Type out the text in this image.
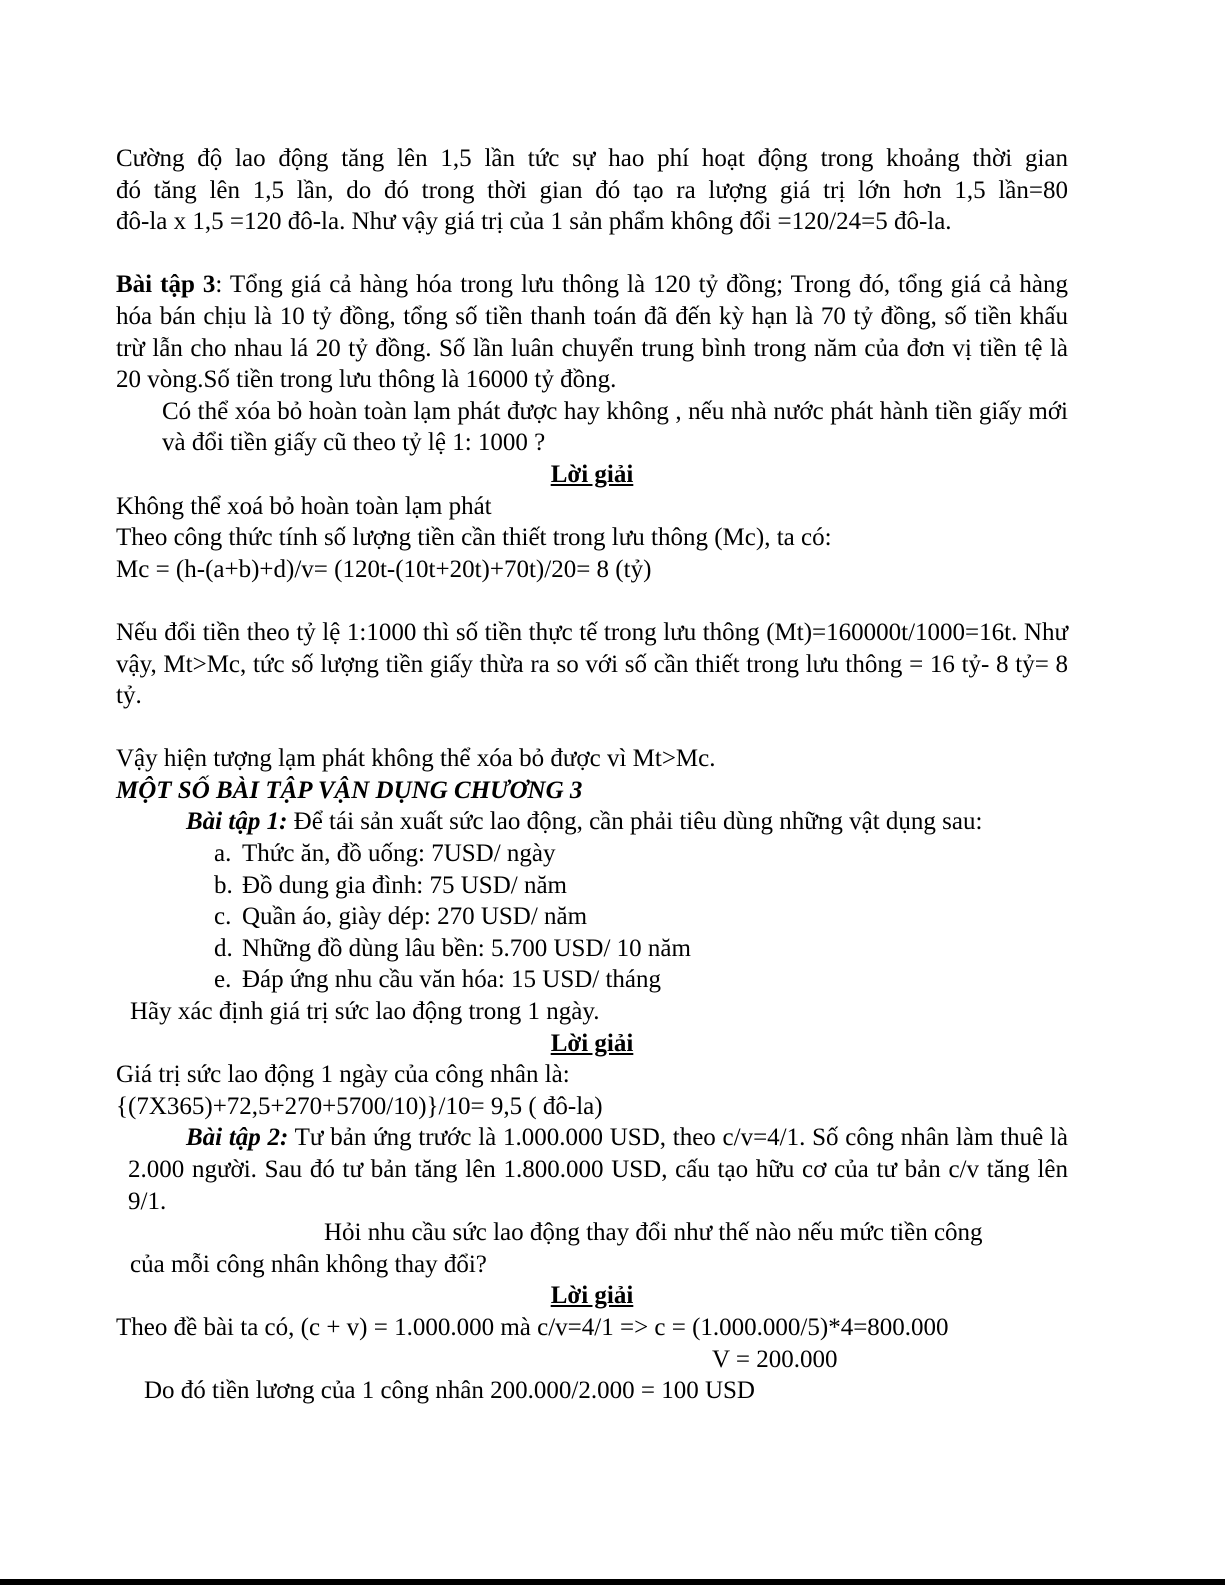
Cường độ lao động tăng lên 1,5 lần tức sự hao phí hoạt động trong khoảng thời gian

đó tăng lên 1,5 lần, do đó trong thời gian đó tạo ra lượng giá trị lớn hơn 1,5 lần=80

đô-la x 1,5 =120 đô-la. Như vậy giá trị của 1 sản phẩm không đổi =120/24=5 đô-la.

Bài tập 3: Tổng giá cả hàng hóa trong lưu thông là 120 tỷ đồng; Trong đó, tổng giá cả hàng hóa bán chịu là 10 tỷ đồng, tổng số tiền thanh toán đã đến kỳ hạn là 70 tỷ đồng, số tiền khấu trừ lẫn cho nhau lá 20 tỷ đồng. Số lần luân chuyển trung bình trong năm của đơn vị tiền tệ là 20 vòng.Số tiền trong lưu thông là 16000 tỷ đồng.

Có thể xóa bỏ hoàn toàn lạm phát được hay không , nếu nhà nước phát hành tiền giấy mới và đổi tiền giấy cũ theo tỷ lệ 1: 1000 ?

Lời giải

Không thể xoá bỏ hoàn toàn lạm phát

Theo công thức tính số lượng tiền cần thiết trong lưu thông (Mc), ta có:

Mc = (h-(a+b)+d)/v= (120t-(10t+20t)+70t)/20= 8 (tỷ)

Nếu đổi tiền theo tỷ lệ 1:1000 thì số tiền thực tế trong lưu thông (Mt)=160000t/1000=16t. Như vậy, Mt>Mc, tức số lượng tiền giấy thừa ra so với số cần thiết trong lưu thông = 16 tỷ- 8 tỷ= 8 tỷ.

Vậy hiện tượng lạm phát không thể xóa bỏ được vì Mt>Mc.

MỘT SỐ BÀI TẬP VẬN DỤNG CHƯƠNG 3

Bài tập 1: Để tái sản xuất sức lao động, cần phải tiêu dùng những vật dụng sau:

a. Thức ăn, đồ uống: 7USD/ ngày
b. Đồ dung gia đình: 75 USD/ năm
c. Quần áo, giày dép: 270 USD/ năm
d. Những đồ dùng lâu bền: 5.700 USD/ 10 năm
e. Đáp ứng nhu cầu văn hóa: 15 USD/ tháng

Hãy xác định giá trị sức lao động trong 1 ngày.

Lời giải

Giá trị sức lao động 1 ngày của công nhân là:

{(7X365)+72,5+270+5700/10)}/10= 9,5 ( đô-la)

Bài tập 2: Tư bản ứng trước là 1.000.000 USD, theo c/v=4/1. Số công nhân làm thuê là 2.000 người. Sau đó tư bản tăng lên 1.800.000 USD, cấu tạo hữu cơ của tư bản c/v tăng lên 9/1.

Hỏi nhu cầu sức lao động thay đổi như thế nào nếu mức tiền công

của mỗi công nhân không thay đổi?

Lời giải

Theo đề bài ta có, (c + v) = 1.000.000 mà c/v=4/1 => c = (1.000.000/5)*4=800.000

V = 200.000

Do đó tiền lương của 1 công nhân 200.000/2.000 = 100 USD
